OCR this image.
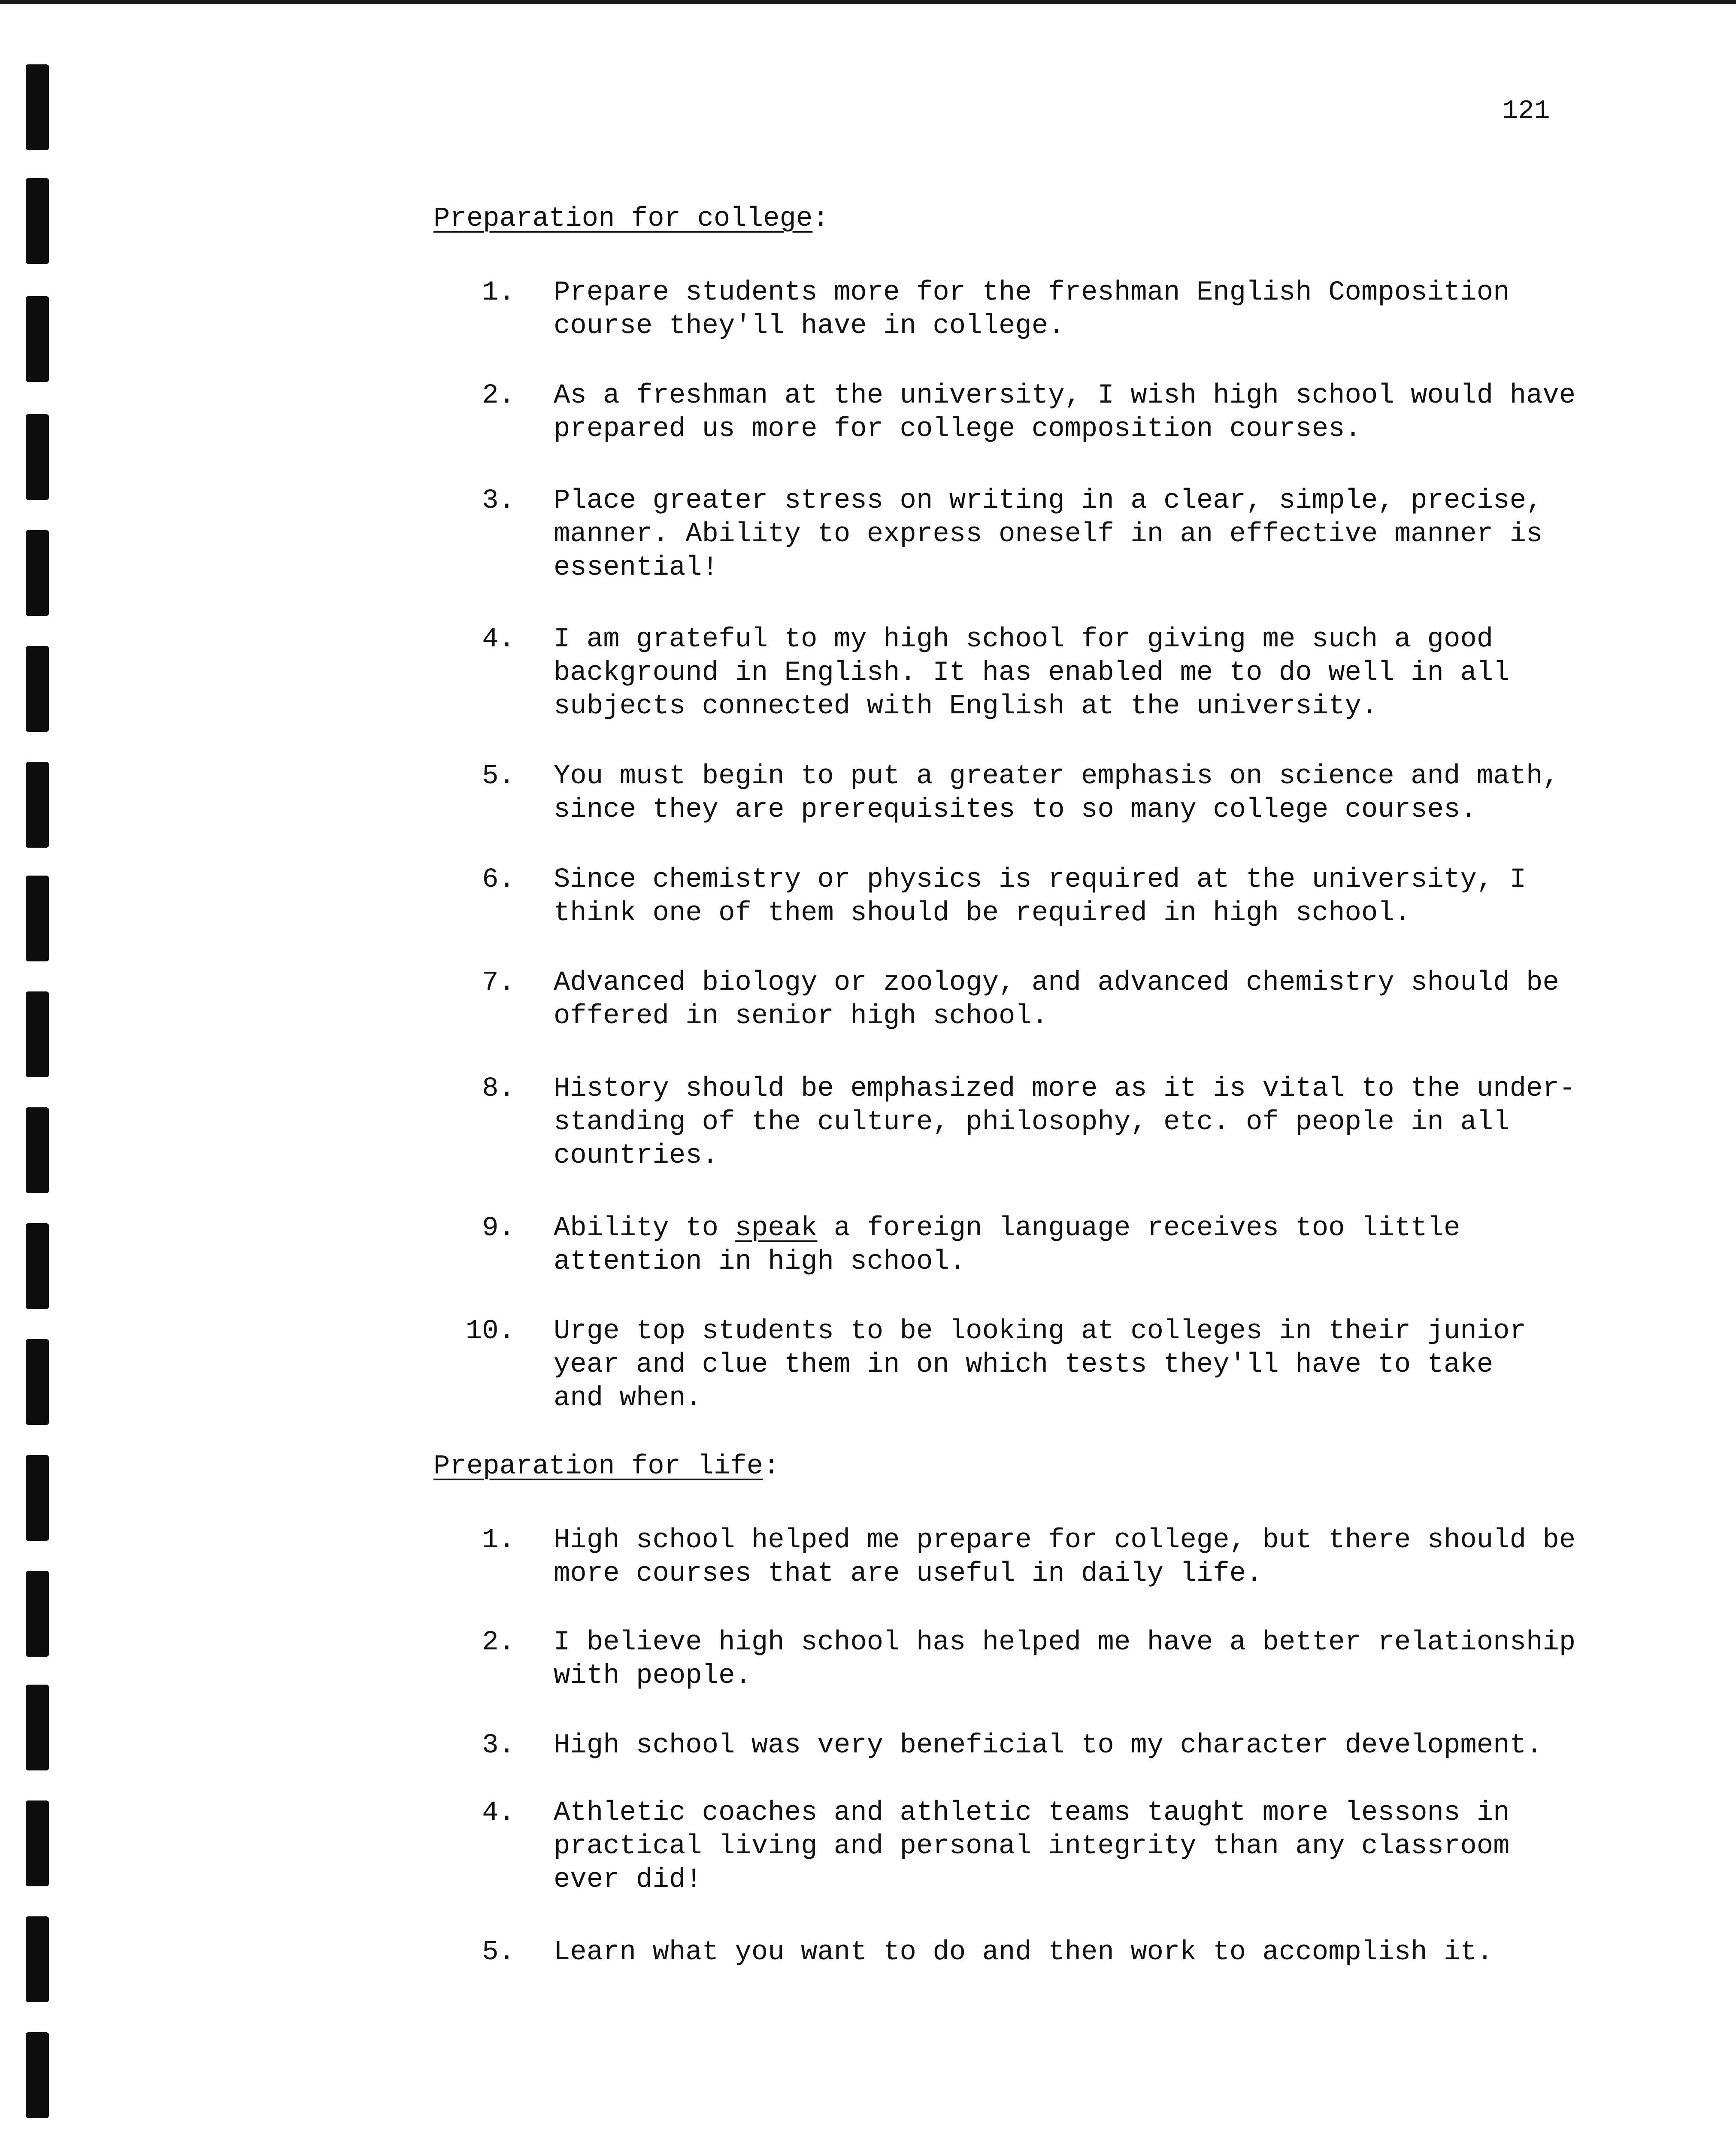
121
Preparation for college:
1. Prepare students more for the freshman English Composition
course they'll have in college.
2. As a freshman at the university, I wish high school would have
prepared us more for college composition courses.
3. Place greater stress on writing in a clear, simple, precise,
manner. Ability to express oneself in an effective manner is
essential!
4. I am grateful to my high school for giving me such a good
background in English. It has enabled me to do well in all
subjects connected with English at the university.
5. You must begin to put a greater emphasis on science and math,
since they are prerequisites to so many college courses.
6. Since chemistry or physics is required at the university, I
think one of them should be required in high school.
7. Advanced biology or zoology, and advanced chemistry should be
offered in senior high school.
8. History should be emphasized more as it is vital to the under-
standing of the culture, philosophy, etc. of people in all
countries.
9. Ability to speak a foreign language receives too little
attention in high school.
10. Urge top students to be looking at colleges in their junior
year and clue them in on which tests they'll have to take
and when.
Preparation for life:
1. High school helped me prepare for college, but there should be
more courses that are useful in daily life.
2. I believe high school has helped me have a better relationship
with people.
3. High school was very beneficial to my character development.
4. Athletic coaches and athletic teams taught more lessons in
practical living and personal integrity than any classroom
ever did!
5. Learn what you want to do and then work to accomplish it.
